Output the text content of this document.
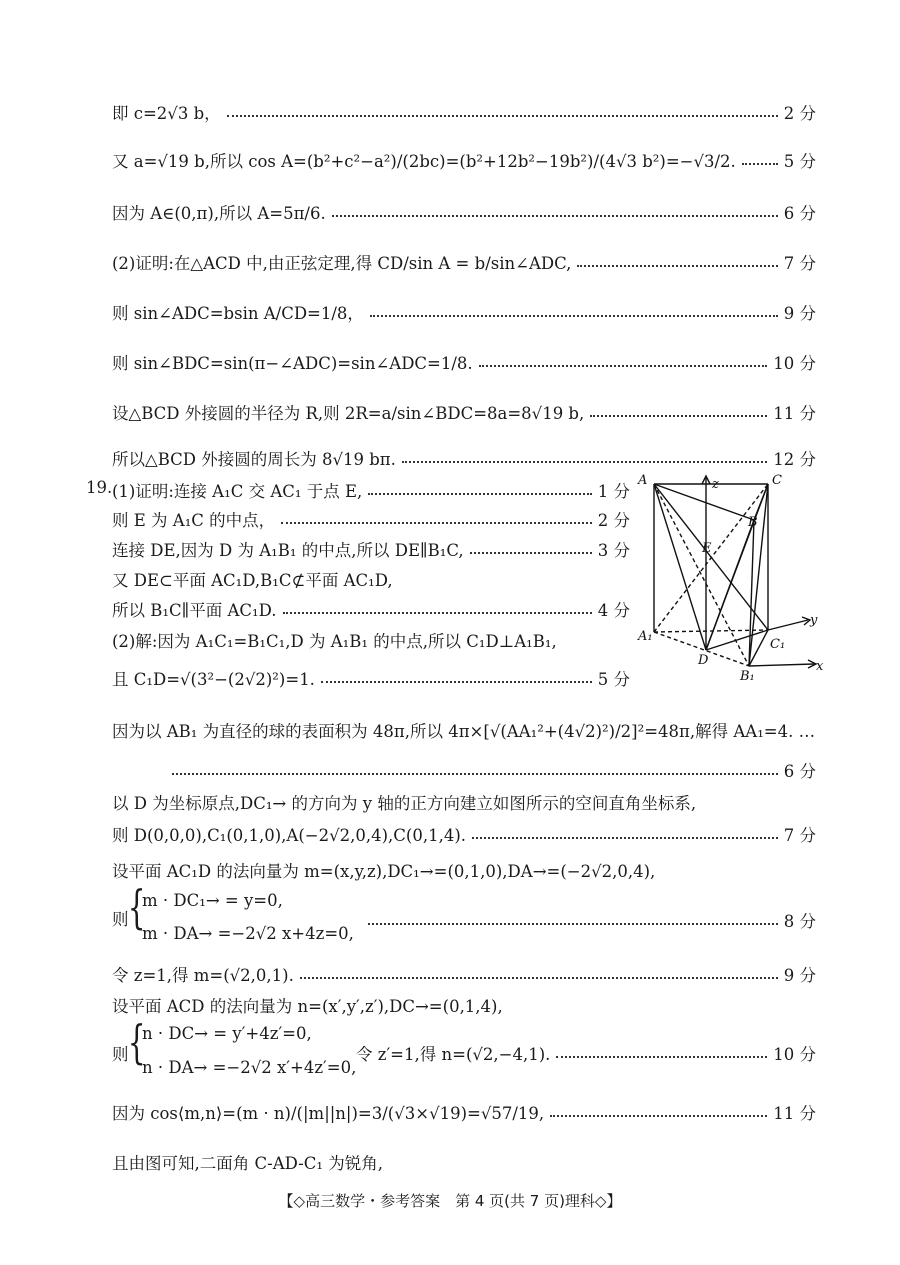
即 c=2√3 b，	2 分
又 a=√19 b,所以 cos A=(b²+c²−a²)/(2bc)=(b²+12b²−19b²)/(4√3 b²)=−√3/2.	5 分
因为 A∈(0,π),所以 A=5π/6.	6 分
(2)证明:在△ACD 中,由正弦定理,得 CD/sin A = b/sin∠ADC,	7 分
则 sin∠ADC=bsin A/CD=1/8，	9 分
则 sin∠BDC=sin(π−∠ADC)=sin∠ADC=1/8.	10 分
设△BCD 外接圆的半径为 R,则 2R=a/sin∠BDC=8a=8√19 b,	11 分
所以△BCD 外接圆的周长为 8√19 bπ.	12 分
19. (1)证明:连接 A₁C 交 AC₁ 于点 E,	1 分
则 E 为 A₁C 的中点，	2 分
连接 DE,因为 D 为 A₁B₁ 的中点,所以 DE∥B₁C,	3 分
又 DE⊂平面 AC₁D,B₁C⊄平面 AC₁D,
所以 B₁C∥平面 AC₁D.	4 分
(2)解:因为 A₁C₁=B₁C₁,D 为 A₁B₁ 的中点,所以 C₁D⊥A₁B₁,
且 C₁D=√(3²−(2√2)²)=1.	5 分
A	C
z
B
E
y
A₁
C₁
D	x
B₁
因为以 AB₁ 为直径的球的表面积为 48π,所以 4π×[√(AA₁²+(4√2)²)/2]²=48π,解得 AA₁=4. …
6 分
以 D 为坐标原点,DC₁→ 的方向为 y 轴的正方向建立如图所示的空间直角坐标系,
则 D(0,0,0),C₁(0,1,0),A(−2√2,0,4),C(0,1,4).	7 分
设平面 AC₁D 的法向量为 m=(x,y,z),DC₁→=(0,1,0),DA→=(−2√2,0,4),
则 {
m · DC₁→ = y=0,
m · DA→ =−2√2 x+4z=0,
8 分
令 z=1,得 m=(√2,0,1).	9 分
设平面 ACD 的法向量为 n=(x′,y′,z′),DC→=(0,1,4),
则 {
n · DC→ = y′+4z′=0,
n · DA→ =−2√2 x′+4z′=0,
令 z′=1,得 n=(√2,−4,1).	10 分
因为 cos⟨m,n⟩=(m · n)/(|m||n|)=3/(√3×√19)=√57/19,	11 分
且由图可知,二面角 C-AD-C₁ 为锐角,
【◇高三数学・参考答案　第 4 页(共 7 页)理科◇】
